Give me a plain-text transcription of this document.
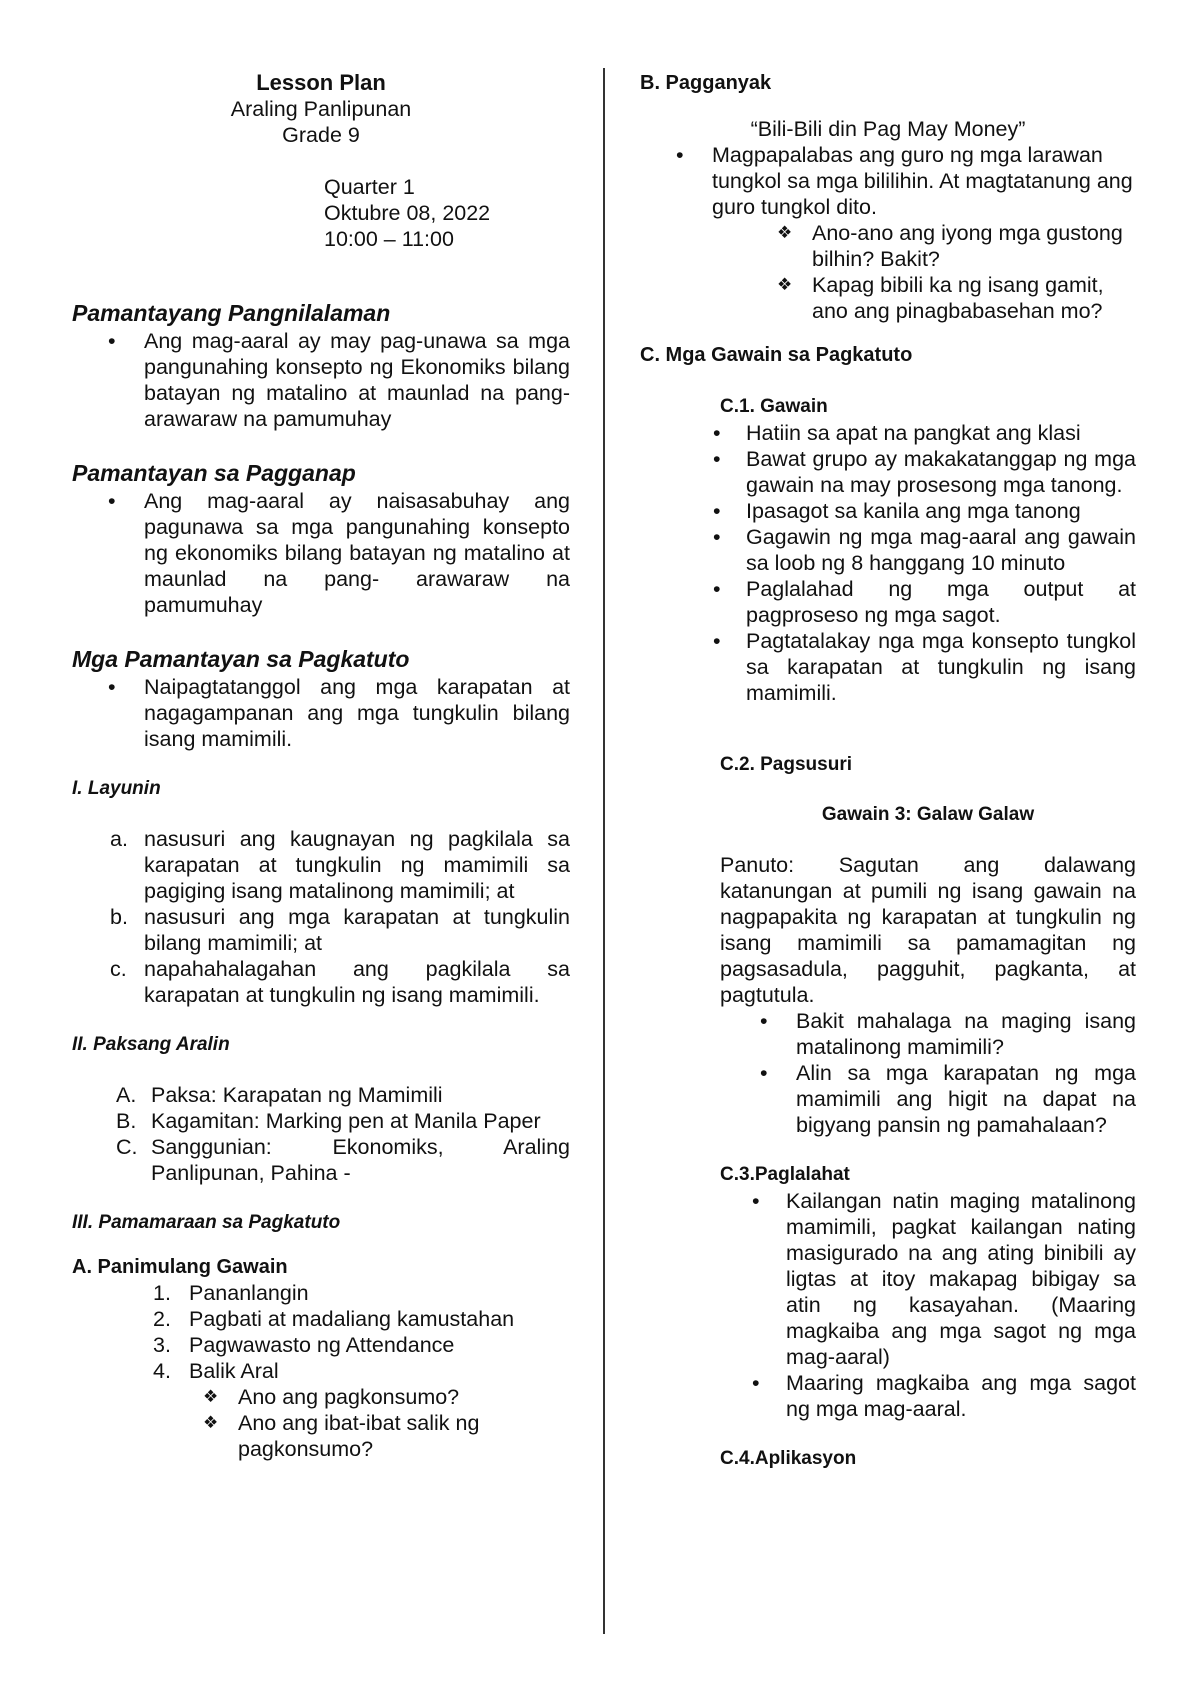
Lesson Plan
Araling Panlipunan
Grade 9
Quarter 1
Oktubre 08, 2022
10:00 – 11:00
Pamantayang Pangnilalaman
• Ang mag-aaral ay may pag-unawa sa mga pangunahing konsepto ng Ekonomiks bilang batayan ng matalino at maunlad na pang-arawaraw na pamumuhay
Pamantayan sa Pagganap
• Ang mag-aaral ay naisasabuhay ang pagunawa sa mga pangunahing konsepto ng ekonomiks bilang batayan ng matalino at maunlad na pang- arawaraw na pamumuhay
Mga Pamantayan sa Pagkatuto
• Naipagtatanggol ang mga karapatan at nagagampanan ang mga tungkulin bilang isang mamimili.
I. Layunin
a. nasusuri ang kaugnayan ng pagkilala sa karapatan at tungkulin ng mamimili sa pagiging isang matalinong mamimili; at
b. nasusuri ang mga karapatan at tungkulin bilang mamimili; at
c. napahahalagahan ang pagkilala sa karapatan at tungkulin ng isang mamimili.
II. Paksang Aralin
A. Paksa: Karapatan ng Mamimili
B. Kagamitan: Marking pen at Manila Paper
C. Sanggunian: Ekonomiks, Araling Panlipunan, Pahina -
III. Pamamaraan sa Pagkatuto
A. Panimulang Gawain
1. Pananlangin
2. Pagbati at madaliang kamustahan
3. Pagwawasto ng Attendance
4. Balik Aral
❖ Ano ang pagkonsumo?
❖ Ano ang ibat-ibat salik ng pagkonsumo?
B. Pagganyak
“Bili-Bili din Pag May Money”
• Magpapalabas ang guro ng mga larawan tungkol sa mga bililihin. At magtatanung ang guro tungkol dito.
❖ Ano-ano ang iyong mga gustong bilhin? Bakit?
❖ Kapag bibili ka ng isang gamit, ano ang pinagbabasehan mo?
C. Mga Gawain sa Pagkatuto
C.1. Gawain
• Hatiin sa apat na pangkat ang klasi
• Bawat grupo ay makakatanggap ng mga gawain na may prosesong mga tanong.
• Ipasagot sa kanila ang mga tanong
• Gagawin ng mga mag-aaral ang gawain sa loob ng 8 hanggang 10 minuto
• Paglalahad ng mga output at pagproseso ng mga sagot.
• Pagtatalakay nga mga konsepto tungkol sa karapatan at tungkulin ng isang mamimili.
C.2. Pagsusuri
Gawain 3: Galaw Galaw
Panuto: Sagutan ang dalawang katanungan at pumili ng isang gawain na nagpapakita ng karapatan at tungkulin ng isang mamimili sa pamamagitan ng pagsasadula, pagguhit, pagkanta, at pagtutula.
• Bakit mahalaga na maging isang matalinong mamimili?
• Alin sa mga karapatan ng mga mamimili ang higit na dapat na bigyang pansin ng pamahalaan?
C.3.Paglalahat
• Kailangan natin maging matalinong mamimili, pagkat kailangan nating masigurado na ang ating binibili ay ligtas at itoy makapag bibigay sa atin ng kasayahan. (Maaring magkaiba ang mga sagot ng mga mag-aaral)
• Maaring magkaiba ang mga sagot ng mga mag-aaral.
C.4.Aplikasyon
